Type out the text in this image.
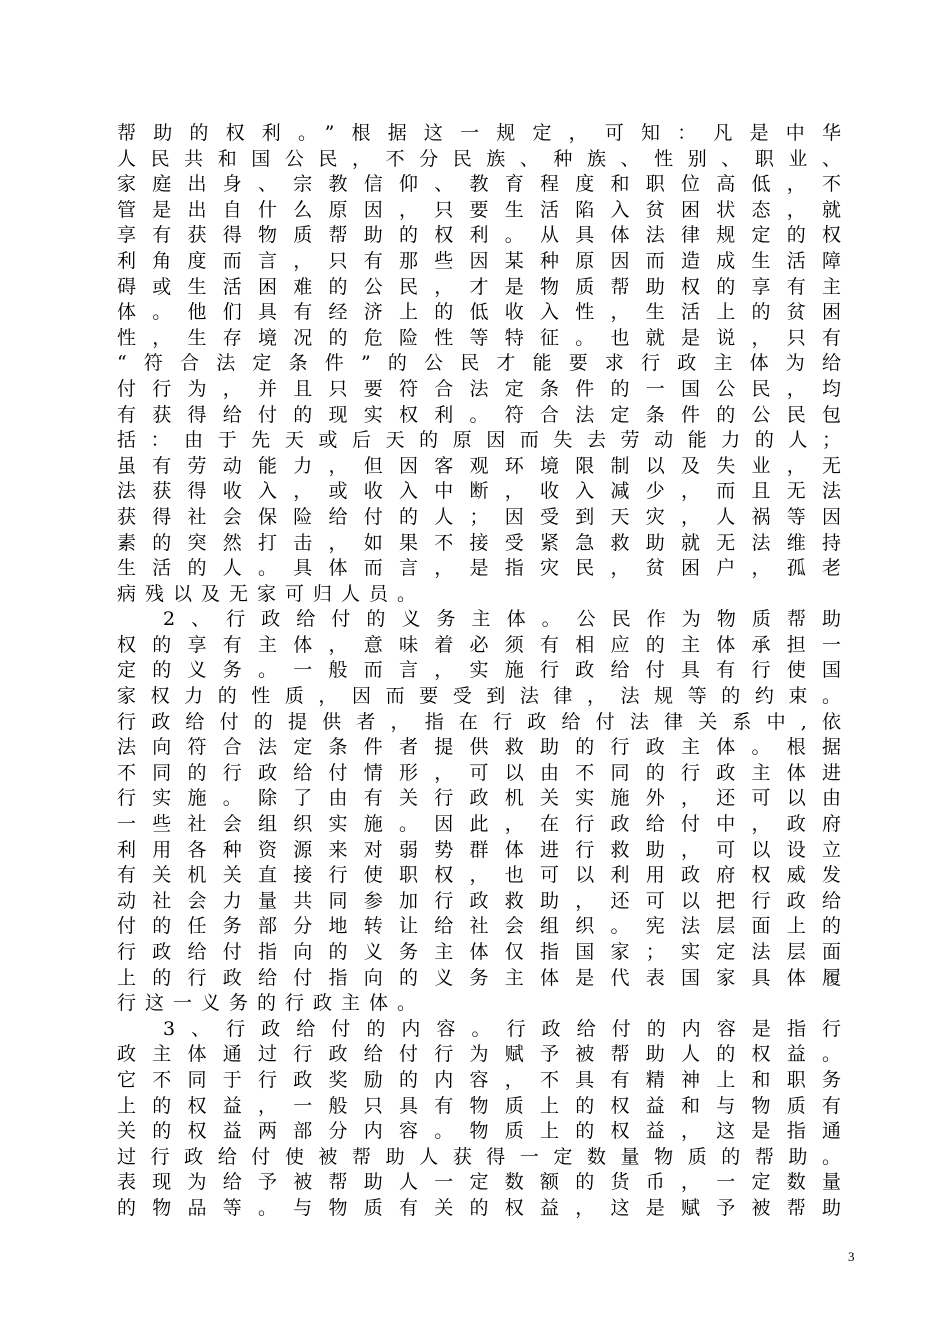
帮助的权利。”根据这一规定，可知：凡是中华
人民共和国公民，不分民族、种族、性别、职业、
家庭出身、宗教信仰、教育程度和职位高低，不
管是出自什么原因，只要生活陷入贫困状态，就
享有获得物质帮助的权利。从具体法律规定的权
利角度而言，只有那些因某种原因而造成生活障
碍或生活困难的公民，才是物质帮助权的享有主
体。他们具有经济上的低收入性，生活上的贫困
性，生存境况的危险性等特征。也就是说，只有
“符合法定条件”的公民才能要求行政主体为给
付行为，并且只要符合法定条件的一国公民，均
有获得给付的现实权利。符合法定条件的公民包
括：由于先天或后天的原因而失去劳动能力的人；
虽有劳动能力，但因客观环境限制以及失业，无
法获得收入，或收入中断，收入减少，而且无法
获得社会保险给付的人；因受到天灾，人祸等因
素的突然打击，如果不接受紧急救助就无法维持
生活的人。具体而言，是指灾民，贫困户，孤老
病残以及无家可归人员。
2、行政给付的义务主体。公民作为物质帮助
权的享有主体，意味着必须有相应的主体承担一
定的义务。一般而言，实施行政给付具有行使国
家权力的性质，因而要受到法律，法规等的约束。
行政给付的提供者，指在行政给付法律关系中,依
法向符合法定条件者提供救助的行政主体。根据
不同的行政给付情形，可以由不同的行政主体进
行实施。除了由有关行政机关实施外，还可以由
一些社会组织实施。因此，在行政给付中，政府
利用各种资源来对弱势群体进行救助，可以设立
有关机关直接行使职权，也可以利用政府权威发
动社会力量共同参加行政救助，还可以把行政给
付的任务部分地转让给社会组织。宪法层面上的
行政给付指向的义务主体仅指国家；实定法层面
上的行政给付指向的义务主体是代表国家具体履
行这一义务的行政主体。
3、行政给付的内容。行政给付的内容是指行
政主体通过行政给付行为赋予被帮助人的权益。
它不同于行政奖励的内容，不具有精神上和职务
上的权益，一般只具有物质上的权益和与物质有
关的权益两部分内容。物质上的权益，这是指通
过行政给付使被帮助人获得一定数量物质的帮助。
表现为给予被帮助人一定数额的货币，一定数量
的物品等。与物质有关的权益，这是赋予被帮助
3
